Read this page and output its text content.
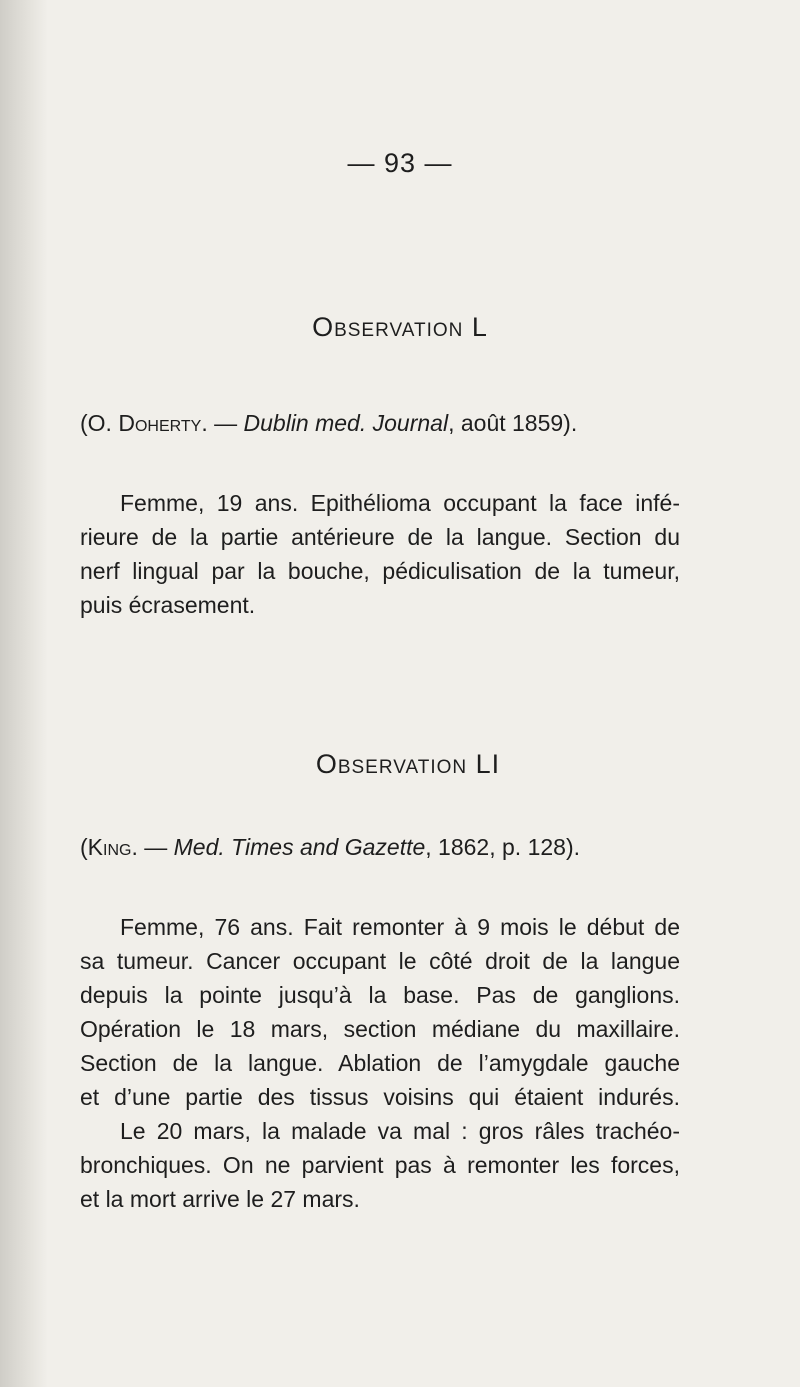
— 93 —
Observation L
(O. Doherty. — Dublin med. Journal, août 1859).
Femme, 19 ans. Epithélioma occupant la face infé-
rieure de la partie antérieure de la langue. Section du
nerf lingual par la bouche, pédiculisation de la tumeur,
puis écrasement.
Observation LI
(King. — Med. Times and Gazette, 1862, p. 128).
Femme, 76 ans. Fait remonter à 9 mois le début de
sa tumeur. Cancer occupant le côté droit de la langue
depuis la pointe jusqu’à la base. Pas de ganglions.
Opération le 18 mars, section médiane du maxillaire.
Section de la langue. Ablation de l’amygdale gauche
et d’une partie des tissus voisins qui étaient indurés.
Le 20 mars, la malade va mal : gros râles trachéo-
bronchiques. On ne parvient pas à remonter les forces,
et la mort arrive le 27 mars.
